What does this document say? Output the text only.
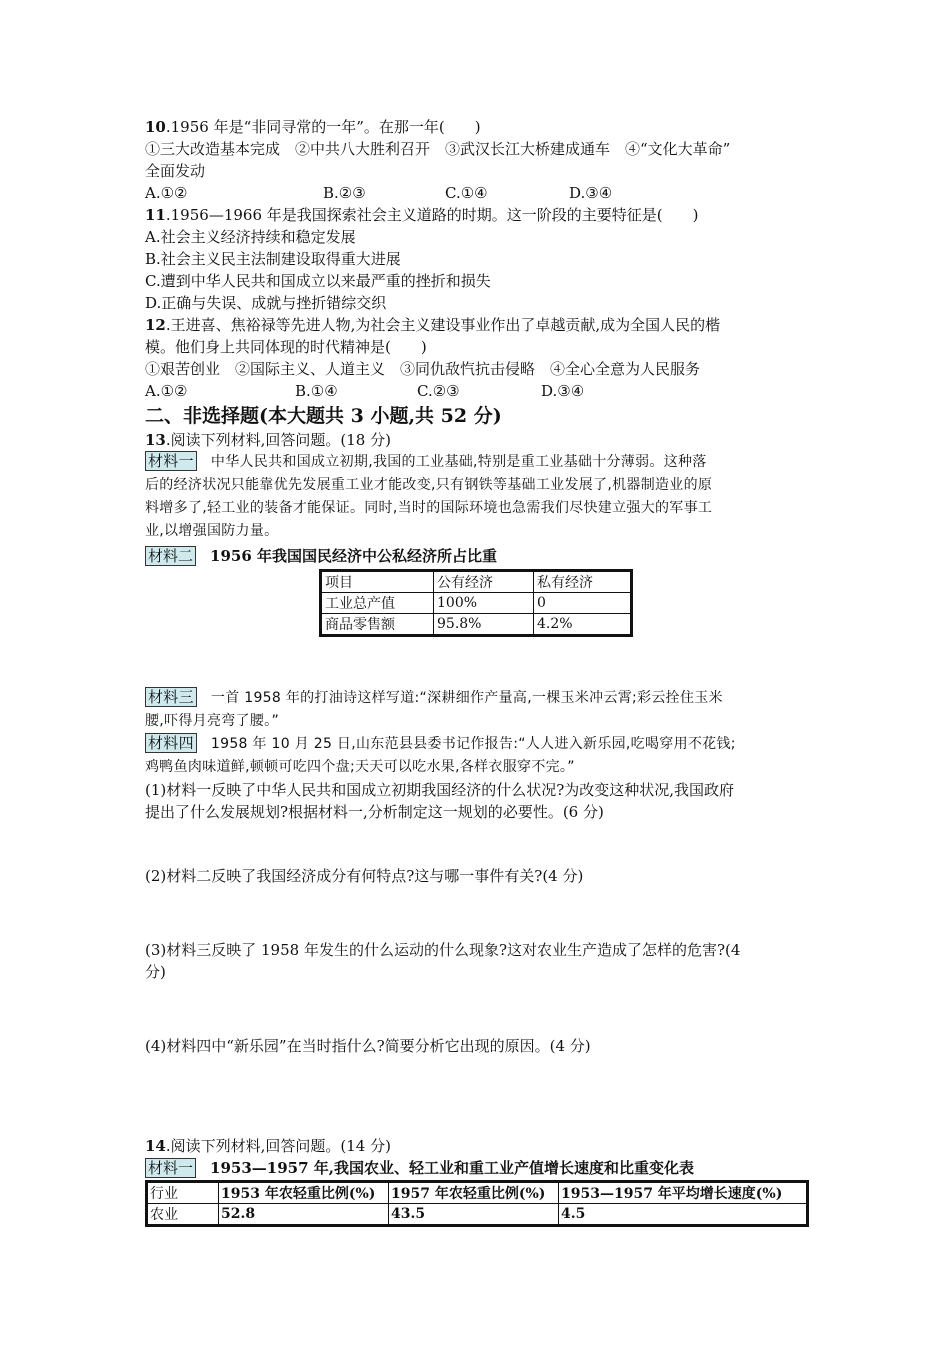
10.1956 年是“非同寻常的一年”。在那一年(　　)
①三大改造基本完成　②中共八大胜利召开　③武汉长江大桥建成通车　④“文化大革命”
全面发动
A.①②	B.②③	C.①④	D.③④
11.1956—1966 年是我国探索社会主义道路的时期。这一阶段的主要特征是(　　)
A.社会主义经济持续和稳定发展
B.社会主义民主法制建设取得重大进展
C.遭到中华人民共和国成立以来最严重的挫折和损失
D.正确与失误、成就与挫折错综交织
12.王进喜、焦裕禄等先进人物,为社会主义建设事业作出了卓越贡献,成为全国人民的楷
模。他们身上共同体现的时代精神是(　　)
①艰苦创业　②国际主义、人道主义　③同仇敌忾抗击侵略　④全心全意为人民服务
A.①②	B.①④	C.②③	D.③④
二、非选择题(本大题共 3 小题,共 52 分)
13.阅读下列材料,回答问题。(18 分)
材料一 中华人民共和国成立初期,我国的工业基础,特别是重工业基础十分薄弱。这种落
后的经济状况只能靠优先发展重工业才能改变,只有钢铁等基础工业发展了,机器制造业的原
料增多了,轻工业的装备才能保证。同时,当时的国际环境也急需我们尽快建立强大的军事工
业,以增强国防力量。
材料二 1956 年我国国民经济中公私经济所占比重
项目	公有经济	私有经济
工业总产值	100%	0
商品零售额	95.8%	4.2%
材料三 一首 1958 年的打油诗这样写道:“深耕细作产量高,一棵玉米冲云霄;彩云拴住玉米
腰,吓得月亮弯了腰。”
材料四 1958 年 10 月 25 日,山东范县县委书记作报告:“人人进入新乐园,吃喝穿用不花钱;
鸡鸭鱼肉味道鲜,顿顿可吃四个盘;天天可以吃水果,各样衣服穿不完。”
(1)材料一反映了中华人民共和国成立初期我国经济的什么状况?为改变这种状况,我国政府
提出了什么发展规划?根据材料一,分析制定这一规划的必要性。(6 分)
(2)材料二反映了我国经济成分有何特点?这与哪一事件有关?(4 分)
(3)材料三反映了 1958 年发生的什么运动的什么现象?这对农业生产造成了怎样的危害?(4
分)
(4)材料四中“新乐园”在当时指什么?简要分析它出现的原因。(4 分)
14.阅读下列材料,回答问题。(14 分)
材料一 1953—1957 年,我国农业、轻工业和重工业产值增长速度和比重变化表
行业	1953 年农轻重比例(%)	1957 年农轻重比例(%)	1953—1957 年平均增长速度(%)
农业	52.8	43.5	4.5
